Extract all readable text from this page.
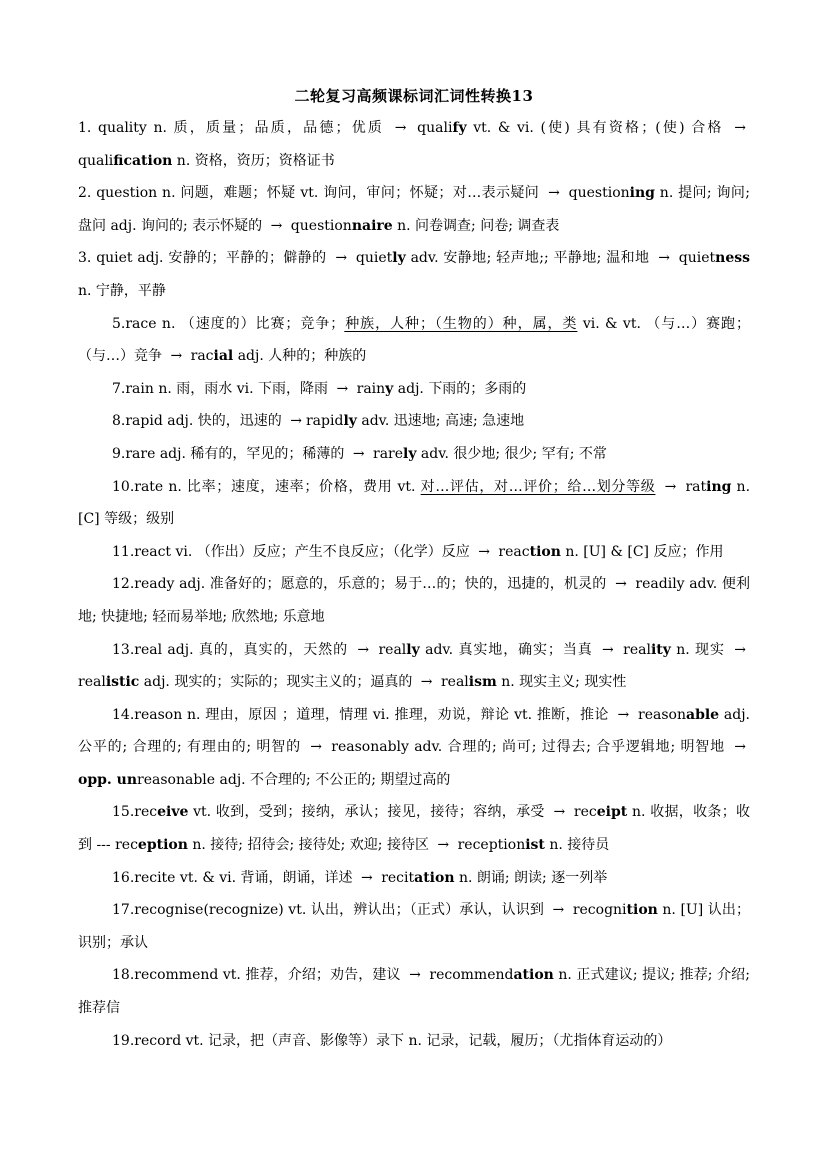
二轮复习高频课标词汇词性转换13

1. quality n. 质，质量；品质，品德；优质 → qualify vt. & vi. (使) 具有资格；(使) 合格 → qualification n. 资格，资历；资格证书

2. question n. 问题，难题；怀疑 vt. 询问，审问；怀疑；对…表示疑问 → questioning n. 提问; 询问; 盘问 adj. 询问的; 表示怀疑的 → questionnaire n. 问卷调查; 问卷; 调查表

3. quiet adj. 安静的；平静的；僻静的 → quietly adv. 安静地; 轻声地;; 平静地; 温和地 → quietness n. 宁静，平静

5.race n. （速度的）比赛；竞争；种族，人种；（生物的）种，属，类 vi. & vt. （与…）赛跑；（与…）竞争 → racial adj. 人种的；种族的

7.rain n. 雨，雨水 vi. 下雨，降雨 → rainy adj. 下雨的；多雨的

8.rapid adj. 快的，迅速的 → rapidly adv. 迅速地; 高速; 急速地

9.rare adj. 稀有的，罕见的；稀薄的 → rarely adv. 很少地; 很少; 罕有; 不常

10.rate n. 比率；速度，速率；价格，费用 vt. 对…评估，对…评价；给…划分等级 → rating n. [C] 等级；级别

11.react vi. （作出）反应；产生不良反应；（化学）反应 → reaction n. [U] & [C] 反应；作用

12.ready adj. 准备好的；愿意的，乐意的；易于…的；快的，迅捷的，机灵的 → readily adv. 便利地; 快捷地; 轻而易举地; 欣然地; 乐意地

13.real adj. 真的，真实的，天然的 → really adv. 真实地，确实；当真 → reality n. 现实 → realistic adj. 现实的；实际的；现实主义的；逼真的 → realism n. 现实主义; 现实性

14.reason n. 理由，原因 ；道理，情理 vi. 推理，劝说，辩论 vt. 推断，推论 → reasonable adj. 公平的; 合理的; 有理由的; 明智的 → reasonably adv. 合理的; 尚可; 过得去; 合乎逻辑地; 明智地 → opp. unreasonable adj. 不合理的; 不公正的; 期望过高的

15.receive vt. 收到，受到；接纳，承认；接见，接待；容纳，承受 → receipt n. 收据，收条；收到 --- reception n. 接待; 招待会; 接待处; 欢迎; 接待区 → receptionist n. 接待员

16.recite vt. & vi. 背诵，朗诵，详述 → recitation n. 朗诵; 朗读; 逐一列举

17.recognise(recognize) vt. 认出，辨认出；（正式）承认，认识到 → recognition n. [U] 认出；识别；承认

18.recommend vt. 推荐，介绍；劝告，建议 → recommendation n. 正式建议; 提议; 推荐; 介绍; 推荐信

19.record vt. 记录，把（声音、影像等）录下 n. 记录，记载，履历；（尤指体育运动的）
